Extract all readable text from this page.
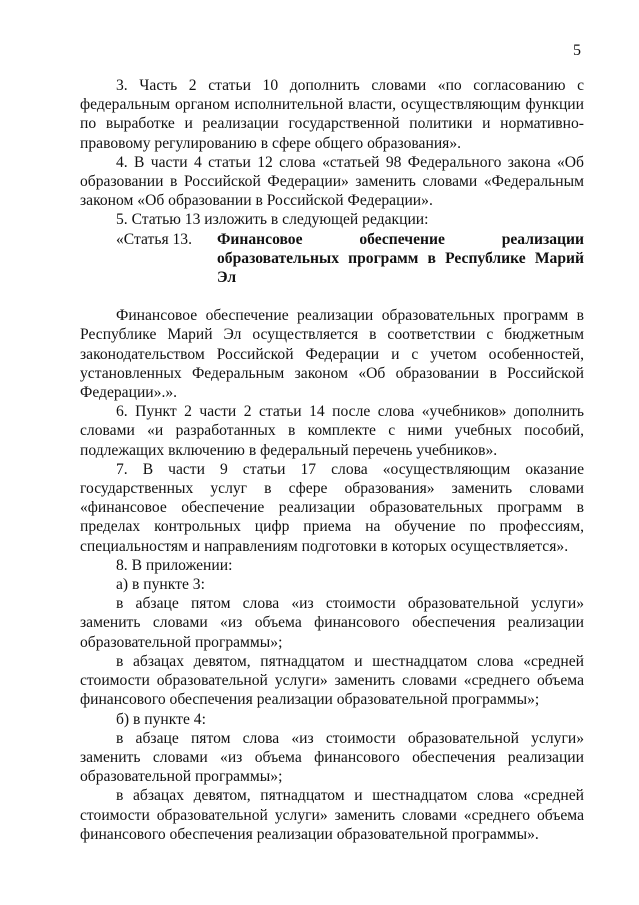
5

3. Часть 2 статьи 10 дополнить словами «по согласованию с федеральным органом исполнительной власти, осуществляющим функции по выработке и реализации государственной политики и нормативно-правовому регулированию в сфере общего образования».

4. В части 4 статьи 12 слова «статьей 98 Федерального закона «Об образовании в Российской Федерации» заменить словами «Федеральным законом «Об образовании в Российской Федерации».

5. Статью 13 изложить в следующей редакции:

«Статья 13.	Финансовое обеспечение реализации образовательных программ в Республике Марий Эл

Финансовое обеспечение реализации образовательных программ в Республике Марий Эл осуществляется в соответствии с бюджетным законодательством Российской Федерации и с учетом особенностей, установленных Федеральным законом «Об образовании в Российской Федерации».».

6. Пункт 2 части 2 статьи 14 после слова «учебников» дополнить словами «и разработанных в комплекте с ними учебных пособий, подлежащих включению в федеральный перечень учебников».

7. В части 9 статьи 17 слова «осуществляющим оказание государственных услуг в сфере образования» заменить словами «финансовое обеспечение реализации образовательных программ в пределах контрольных цифр приема на обучение по профессиям, специальностям и направлениям подготовки в которых осуществляется».

8. В приложении:

а) в пункте 3:

в абзаце пятом слова «из стоимости образовательной услуги» заменить словами «из объема финансового обеспечения реализации образовательной программы»;

в абзацах девятом, пятнадцатом и шестнадцатом слова «средней стоимости образовательной услуги» заменить словами «среднего объема финансового обеспечения реализации образовательной программы»;

б) в пункте 4:

в абзаце пятом слова «из стоимости образовательной услуги» заменить словами «из объема финансового обеспечения реализации образовательной программы»;

в абзацах девятом, пятнадцатом и шестнадцатом слова «средней стоимости образовательной услуги» заменить словами «среднего объема финансового обеспечения реализации образовательной программы».
